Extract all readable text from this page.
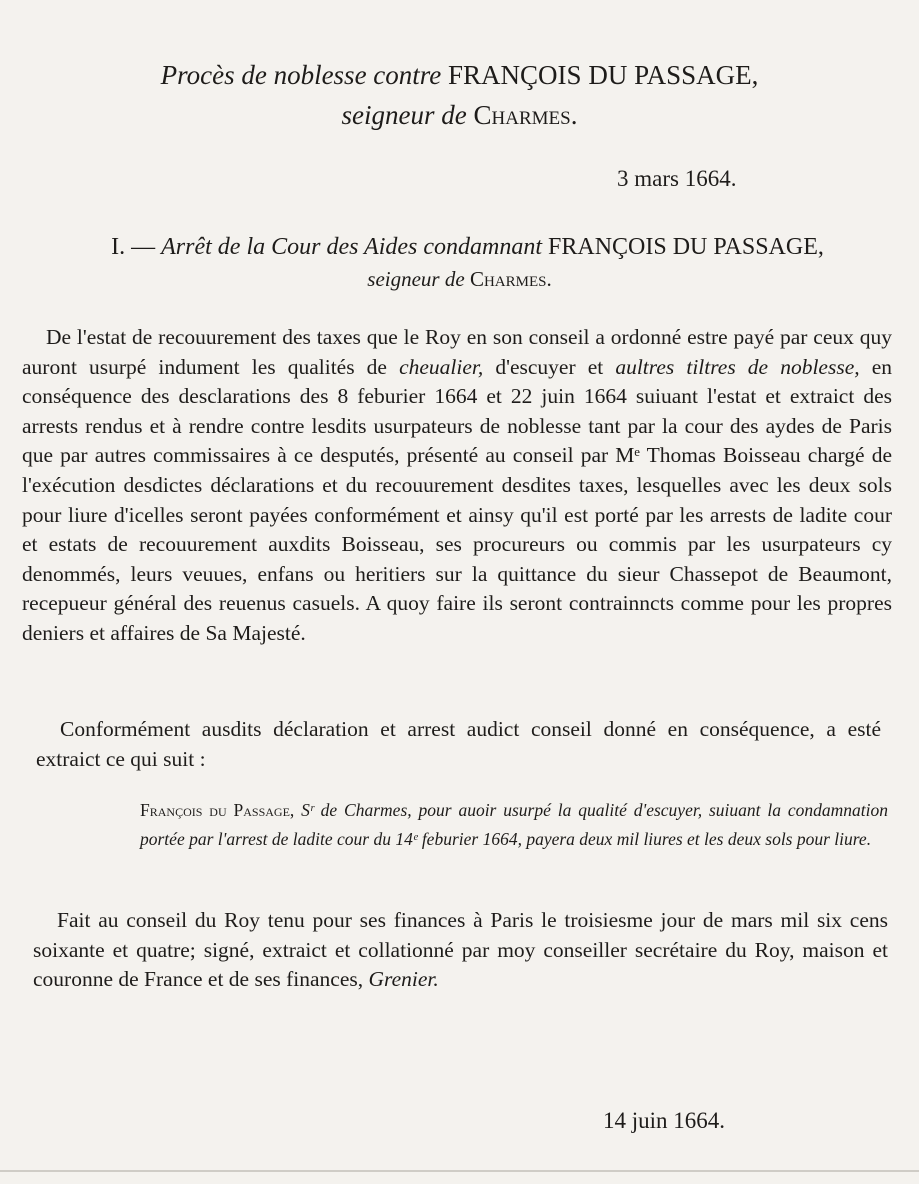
Procès de noblesse contre FRANÇOIS DU PASSAGE,
seigneur de Charmes.
3 mars 1664.
I. — Arrêt de la Cour des Aides condamnant FRANÇOIS DU PASSAGE,
seigneur de Charmes.
De l'estat de recouurement des taxes que le Roy en son conseil a ordonné estre payé par ceux quy auront usurpé indument les qualités de cheualier, d'escuyer et aultres tiltres de noblesse, en conséquence des desclarations des 8 feburier 1664 et 22 juin 1664 suiuant l'estat et extraict des arrests rendus et à rendre contre lesdits usurpateurs de noblesse tant par la cour des aydes de Paris que par autres commissaires à ce desputés, présenté au conseil par Mᵉ Thomas Boisseau chargé de l'exécution desdictes déclarations et du recouurement desdites taxes, lesquelles avec les deux sols pour liure d'icelles seront payées conformément et ainsy qu'il est porté par les arrests de ladite cour et estats de recouurement auxdits Boisseau, ses procureurs ou commis par les usurpateurs cy denommés, leurs veuues, enfans ou heritiers sur la quittance du sieur Chassepot de Beaumont, recepueur général des reuenus casuels. A quoy faire ils seront contrainncts comme pour les propres deniers et affaires de Sa Majesté.
Conformément ausdits déclaration et arrest audict conseil donné en conséquence, a esté extraict ce qui suit :
François du Passage, Sʳ de Charmes, pour auoir usurpé la qualité d'escuyer, suiuant la condamnation portée par l'arrest de ladite cour du 14ᵉ feburier 1664, payera deux mil liures et les deux sols pour liure.
Fait au conseil du Roy tenu pour ses finances à Paris le troisiesme jour de mars mil six cens soixante et quatre; signé, extraict et collationné par moy conseiller secrétaire du Roy, maison et couronne de France et de ses finances, Grenier.
14 juin 1664.
